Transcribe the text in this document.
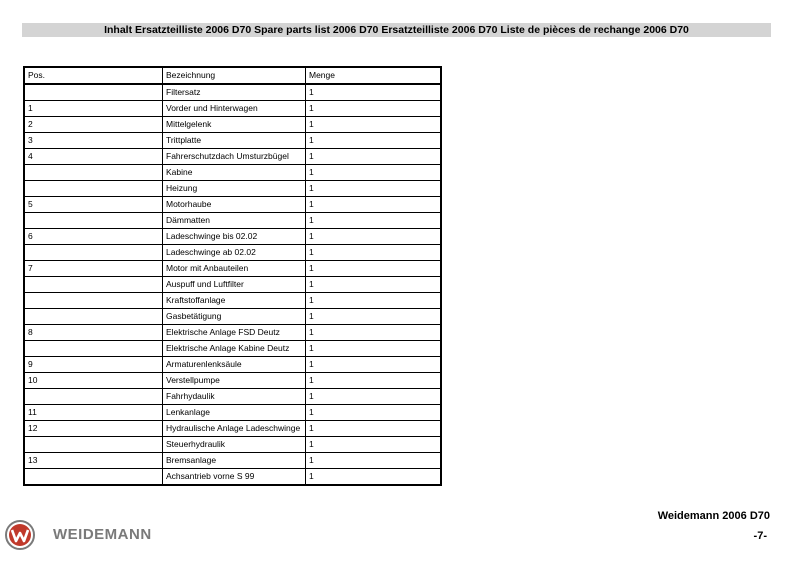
Inhalt Ersatzteilliste 2006 D70 Spare parts list 2006 D70 Ersatzteilliste 2006 D70 Liste de pièces de rechange 2006 D70
Pos.	Bezeichnung	Menge
	Filtersatz	1
1	Vorder und Hinterwagen	1
2	Mittelgelenk	1
3	Trittplatte	1
4	Fahrerschutzdach Umsturzbügel	1
	Kabine	1
	Heizung	1
5	Motorhaube	1
	Dämmatten	1
6	Ladeschwinge bis 02.02	1
	Ladeschwinge ab 02.02	1
7	Motor mit Anbauteilen	1
	Auspuff und Luftfilter	1
	Kraftstoffanlage	1
	Gasbetätigung	1
8	Elektrische Anlage FSD Deutz	1
	Elektrische Anlage Kabine Deutz	1
9	Armaturenlenksäule	1
10	Verstellpumpe	1
	Fahrhydaulik	1
11	Lenkanlage	1
12	Hydraulische Anlage Ladeschwinge	1
	Steuerhydraulik	1
13	Bremsanlage	1
	Achsantrieb vorne S 99	1
Weidemann 2006 D70
-7-
WEIDEMANN
